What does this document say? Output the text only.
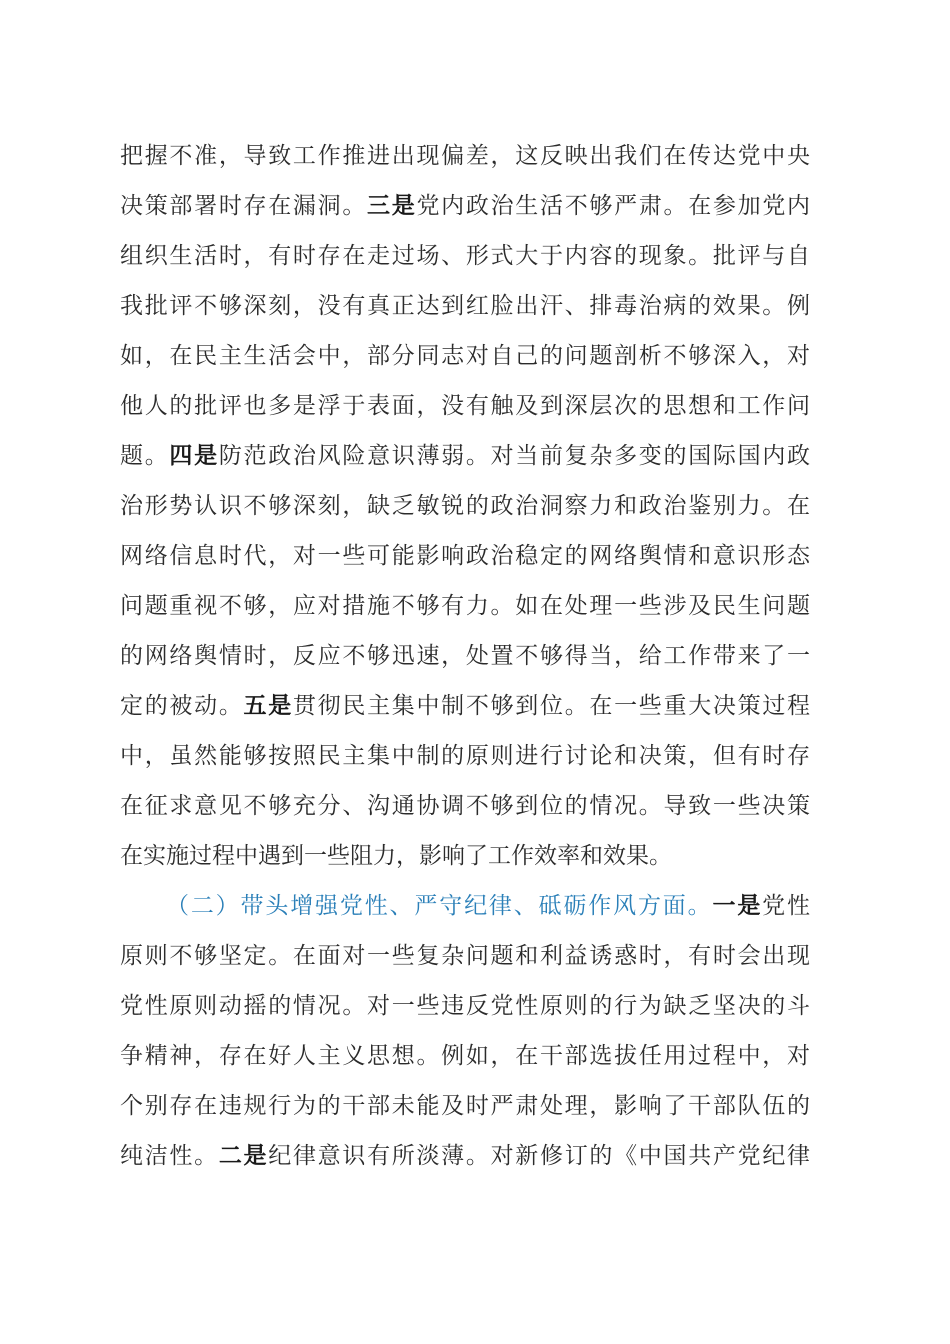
把握不准，导致工作推进出现偏差，这反映出我们在传达党中央
决策部署时存在漏洞。三是党内政治生活不够严肃。在参加党内
组织生活时，有时存在走过场、形式大于内容的现象。批评与自
我批评不够深刻，没有真正达到红脸出汗、排毒治病的效果。例
如，在民主生活会中，部分同志对自己的问题剖析不够深入，对
他人的批评也多是浮于表面，没有触及到深层次的思想和工作问
题。四是防范政治风险意识薄弱。对当前复杂多变的国际国内政
治形势认识不够深刻，缺乏敏锐的政治洞察力和政治鉴别力。在
网络信息时代，对一些可能影响政治稳定的网络舆情和意识形态
问题重视不够，应对措施不够有力。如在处理一些涉及民生问题
的网络舆情时，反应不够迅速，处置不够得当，给工作带来了一
定的被动。五是贯彻民主集中制不够到位。在一些重大决策过程
中，虽然能够按照民主集中制的原则进行讨论和决策，但有时存
在征求意见不够充分、沟通协调不够到位的情况。导致一些决策
在实施过程中遇到一些阻力，影响了工作效率和效果。
（二）带头增强党性、严守纪律、砥砺作风方面。一是党性
原则不够坚定。在面对一些复杂问题和利益诱惑时，有时会出现
党性原则动摇的情况。对一些违反党性原则的行为缺乏坚决的斗
争精神，存在好人主义思想。例如，在干部选拔任用过程中，对
个别存在违规行为的干部未能及时严肃处理，影响了干部队伍的
纯洁性。二是纪律意识有所淡薄。对新修订的《中国共产党纪律
